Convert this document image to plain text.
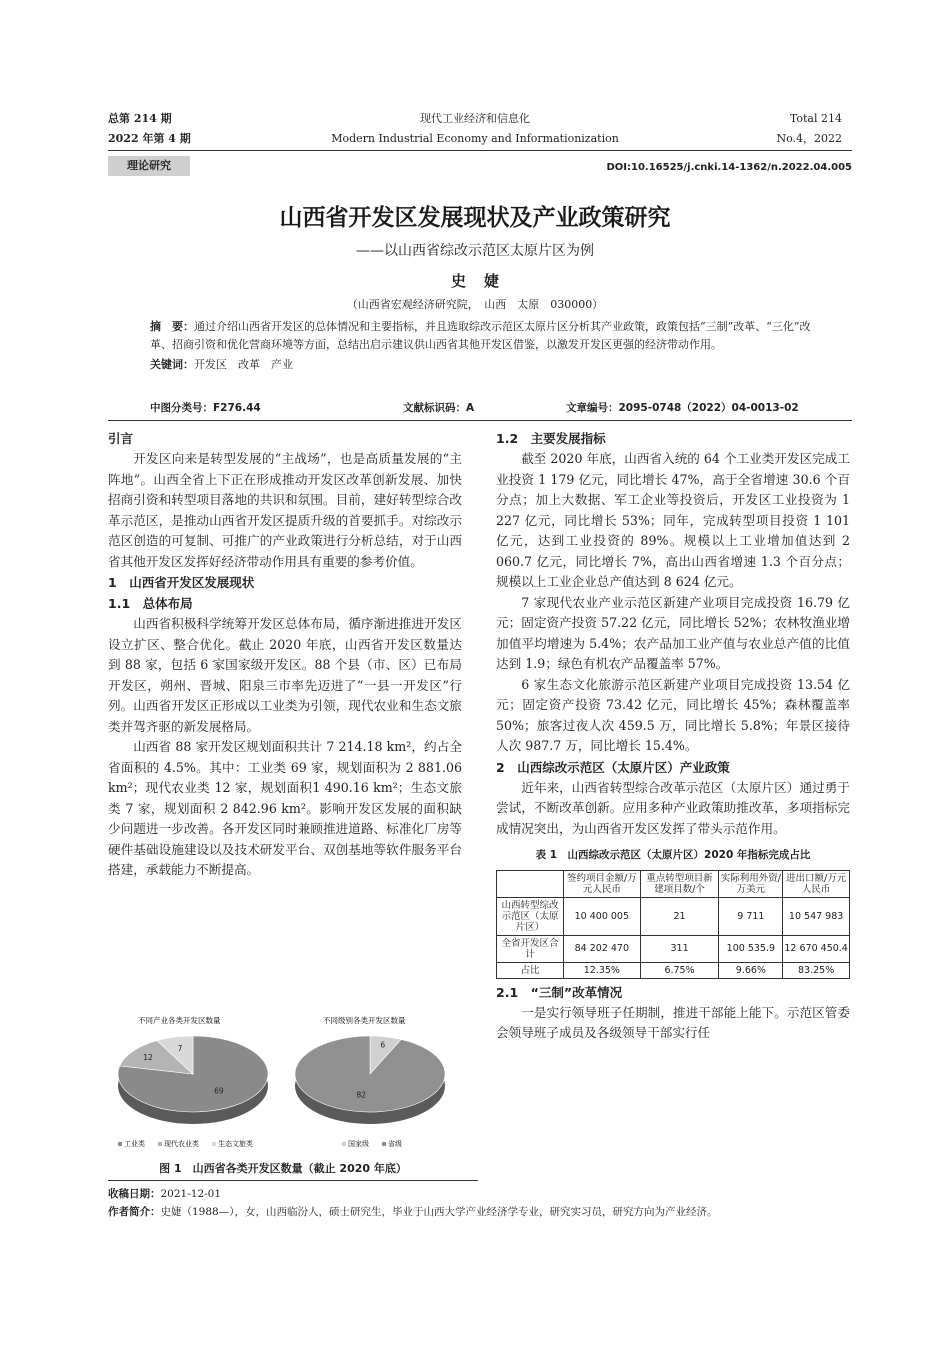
总第 214 期
2022 年第 4 期
现代工业经济和信息化
Modern Industrial Economy and Informationization
Total 214
No.4，2022
理论研究	DOI:10.16525/j.cnki.14-1362/n.2022.04.005
山西省开发区发展现状及产业政策研究
——以山西省综改示范区太原片区为例
史婕
（山西省宏观经济研究院，　山西　太原　030000）
摘　要：通过介绍山西省开发区的总体情况和主要指标，并且选取综改示范区太原片区分析其产业政策，政策包括“三制”改革、“三化”改革、招商引资和优化营商环境等方面，总结出启示建议供山西省其他开发区借鉴，以激发开发区更强的经济带动作用。
关键词：开发区　改革　产业
中图分类号：F276.44	文献标识码：A	文章编号：2095-0748（2022）04-0013-02
引言

开发区向来是转型发展的“主战场”，也是高质量发展的“主阵地”。山西全省上下正在形成推动开发区改革创新发展、加快招商引资和转型项目落地的共识和氛围。目前，建好转型综合改革示范区，是推动山西省开发区提质升级的首要抓手。对综改示范区创造的可复制、可推广的产业政策进行分析总结，对于山西省其他开发区发挥好经济带动作用具有重要的参考价值。

1　山西省开发区发展现状
1.1　总体布局

山西省积极科学统筹开发区总体布局，循序渐进推进开发区设立扩区、整合优化。截止 2020 年底，山西省开发区数量达到 88 家，包括 6 家国家级开发区。88 个县（市、区）已布局开发区，朔州、晋城、阳泉三市率先迈进了“一县一开发区”行列。山西省开发区正形成以工业类为引领，现代农业和生态文旅类并驾齐驱的新发展格局。

山西省 88 家开发区规划面积共计 7 214.18 km²，约占全省面积的 4.5%。其中：工业类 69 家，规划面积为 2 881.06 km²；现代农业类 12 家，规划面积1 490.16 km²；生态文旅类 7 家，规划面积 2 842.96 km²。影响开发区发展的面积缺少问题进一步改善。各开发区同时兼顾推进道路、标准化厂房等硬件基础设施建设以及技术研发平台、双创基地等软件服务平台搭建，承载能力不断提高。

不同产业各类开发区数量	不同级别各类开发区数量
69
12
7	6
82
工业类	现代农业类	生态文旅类	国家级	省级
图 1　山西省各类开发区数量（截止 2020 年底）
1.2　主要发展指标

截至 2020 年底，山西省入统的 64 个工业类开发区完成工业投资 1 179 亿元，同比增长 47%，高于全省增速 30.6 个百分点；加上大数据、军工企业等投资后，开发区工业投资为 1 227 亿元，同比增长 53%；同年，完成转型项目投资 1 101 亿元，达到工业投资的 89%。规模以上工业增加值达到 2 060.7 亿元，同比增长 7%，高出山西省增速 1.3 个百分点；规模以上工业企业总产值达到 8 624 亿元。

7 家现代农业产业示范区新建产业项目完成投资 16.79 亿元；固定资产投资 57.22 亿元，同比增长 52%；农林牧渔业增加值平均增速为 5.4%；农产品加工业产值与农业总产值的比值达到 1.9；绿色有机农产品覆盖率 57%。

6 家生态文化旅游示范区新建产业项目完成投资 13.54 亿元；固定资产投资 73.42 亿元，同比增长 45%；森林覆盖率 50%；旅客过夜人次 459.5 万，同比增长 5.8%；年景区接待人次 987.7 万，同比增长 15.4%。

2　山西综改示范区（太原片区）产业政策

近年来，山西省转型综合改革示范区（太原片区）通过勇于尝试，不断改革创新。应用多种产业政策助推改革，多项指标完成情况突出，为山西省开发区发挥了带头示范作用。

表 1　山西综改示范区（太原片区）2020 年指标完成占比
	签约项目金额/万元人民币	重点转型项目新建项目数/个	实际利用外资/万美元	进出口额/万元人民币
山西转型综改示范区（太原片区）	10 400 005	21	9 711	10 547 983
全省开发区合计	84 202 470	311	100 535.9	12 670 450.4
占比	12.35%	6.75%	9.66%	83.25%
2.1　“三制”改革情况

一是实行领导班子任期制，推进干部能上能下。示范区管委会领导班子成员及各级领导干部实行任

收稿日期：2021-12-01
作者简介：史婕（1988—），女，山西临汾人，硕士研究生，毕业于山西大学产业经济学专业，研究实习员，研究方向为产业经济。
